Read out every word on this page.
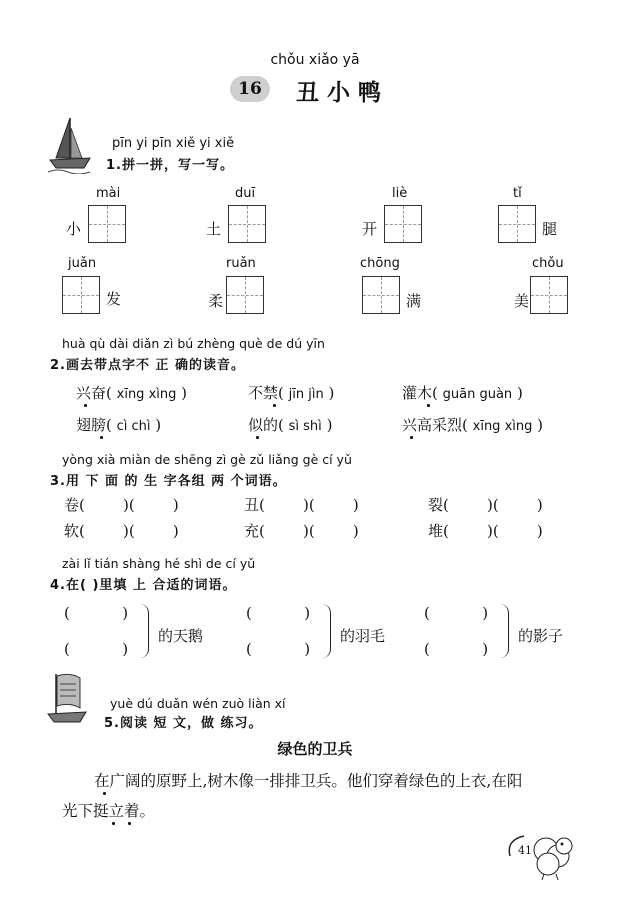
chǒu xiǎo yā
16	丑小鸭
pīn yi pīn xiě yi xiě
1.拼一拼，写一写。
mài
小
duī
土
liè
开
tǐ
腿
juǎn
发
ruǎn
柔
chōng
满
chǒu
美
huà qù dài diǎn zì bú zhèng què de dú yīn
2.画去带点字不 正 确的读音。
兴奋( xīng xìng )	不禁( jīn jìn )	灌木( guān guàn )
翅膀( cì chì )	似的( sì shì )	兴高采烈( xīng xìng )
yòng xià miàn de shēng zì gè zǔ liǎng gè cí yǔ
3.用 下 面 的 生 字各组 两 个词语。
卷(        )(        )	丑(        )(        )	裂(        )(        )
软(        )(        )	充(        )(        )	堆(        )(        )
zài lǐ tián shàng hé shì de cí yǔ
4.在( )里填 上 合适的词语。
(           )
(           )
的天鹅
(           )
(           )
的羽毛
(           )
(           )
的影子
yuè dú duǎn wén zuò liàn xí
5.阅读 短 文，做 练习。
绿色的卫兵
在广阔的原野上,树木像一排排卫兵。他们穿着绿色的上衣,在阳
光下挺立着。
41
